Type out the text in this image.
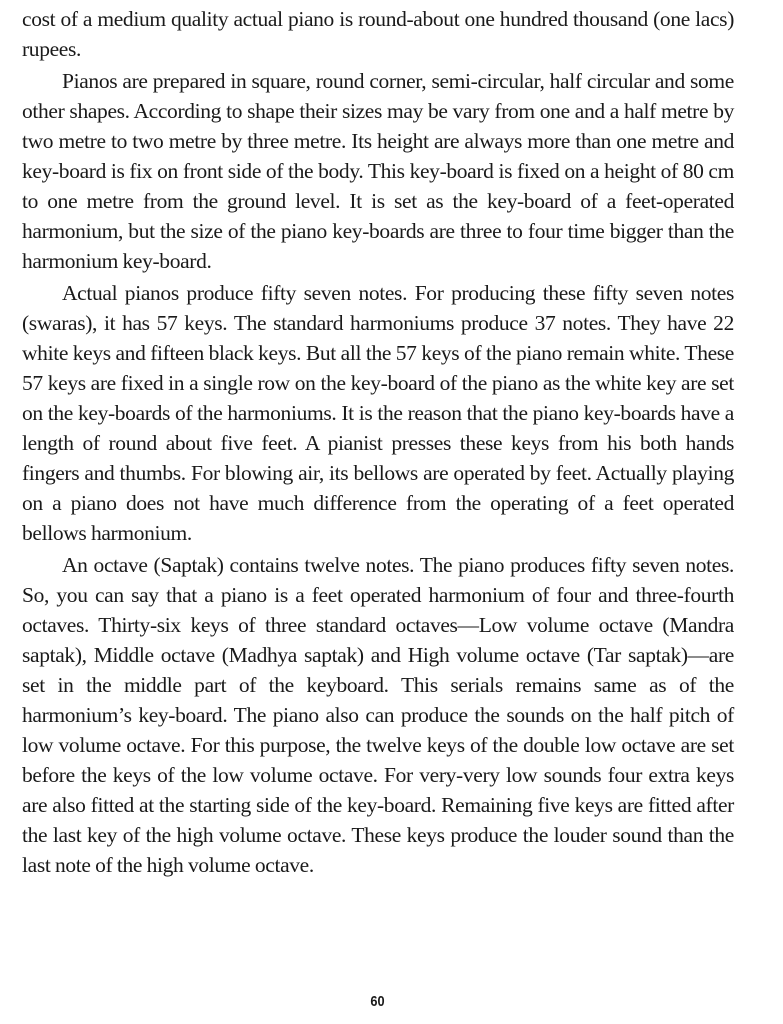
cost of a medium quality actual piano is round-about one hundred thousand (one lacs) rupees.

Pianos are prepared in square, round corner, semi-circular, half circular and some other shapes. According to shape their sizes may be vary from one and a half metre by two metre to two metre by three metre. Its height are always more than one metre and key-board is fix on front side of the body. This key-board is fixed on a height of 80 cm to one metre from the ground level. It is set as the key-board of a feet-operated harmonium, but the size of the piano key-boards are three to four time bigger than the harmonium key-board.

Actual pianos produce fifty seven notes. For producing these fifty seven notes (swaras), it has 57 keys. The standard harmoniums produce 37 notes. They have 22 white keys and fifteen black keys. But all the 57 keys of the piano remain white. These 57 keys are fixed in a single row on the key-board of the piano as the white key are set on the key-boards of the harmoniums. It is the reason that the piano key-boards have a length of round about five feet. A pianist presses these keys from his both hands fingers and thumbs. For blowing air, its bellows are operated by feet. Actually playing on a piano does not have much difference from the operating of a feet operated bellows harmonium.

An octave (Saptak) contains twelve notes. The piano produces fifty seven notes. So, you can say that a piano is a feet operated harmonium of four and three-fourth octaves. Thirty-six keys of three standard octaves—Low volume octave (Mandra saptak), Middle octave (Madhya saptak) and High volume octave (Tar saptak)—are set in the middle part of the keyboard. This serials remains same as of the harmonium’s key-board. The piano also can produce the sounds on the half pitch of low volume octave. For this purpose, the twelve keys of the double low octave are set before the keys of the low volume octave. For very-very low sounds four extra keys are also fitted at the starting side of the key-board. Remaining five keys are fitted after the last key of the high volume octave. These keys produce the louder sound than the last note of the high volume octave.

60
